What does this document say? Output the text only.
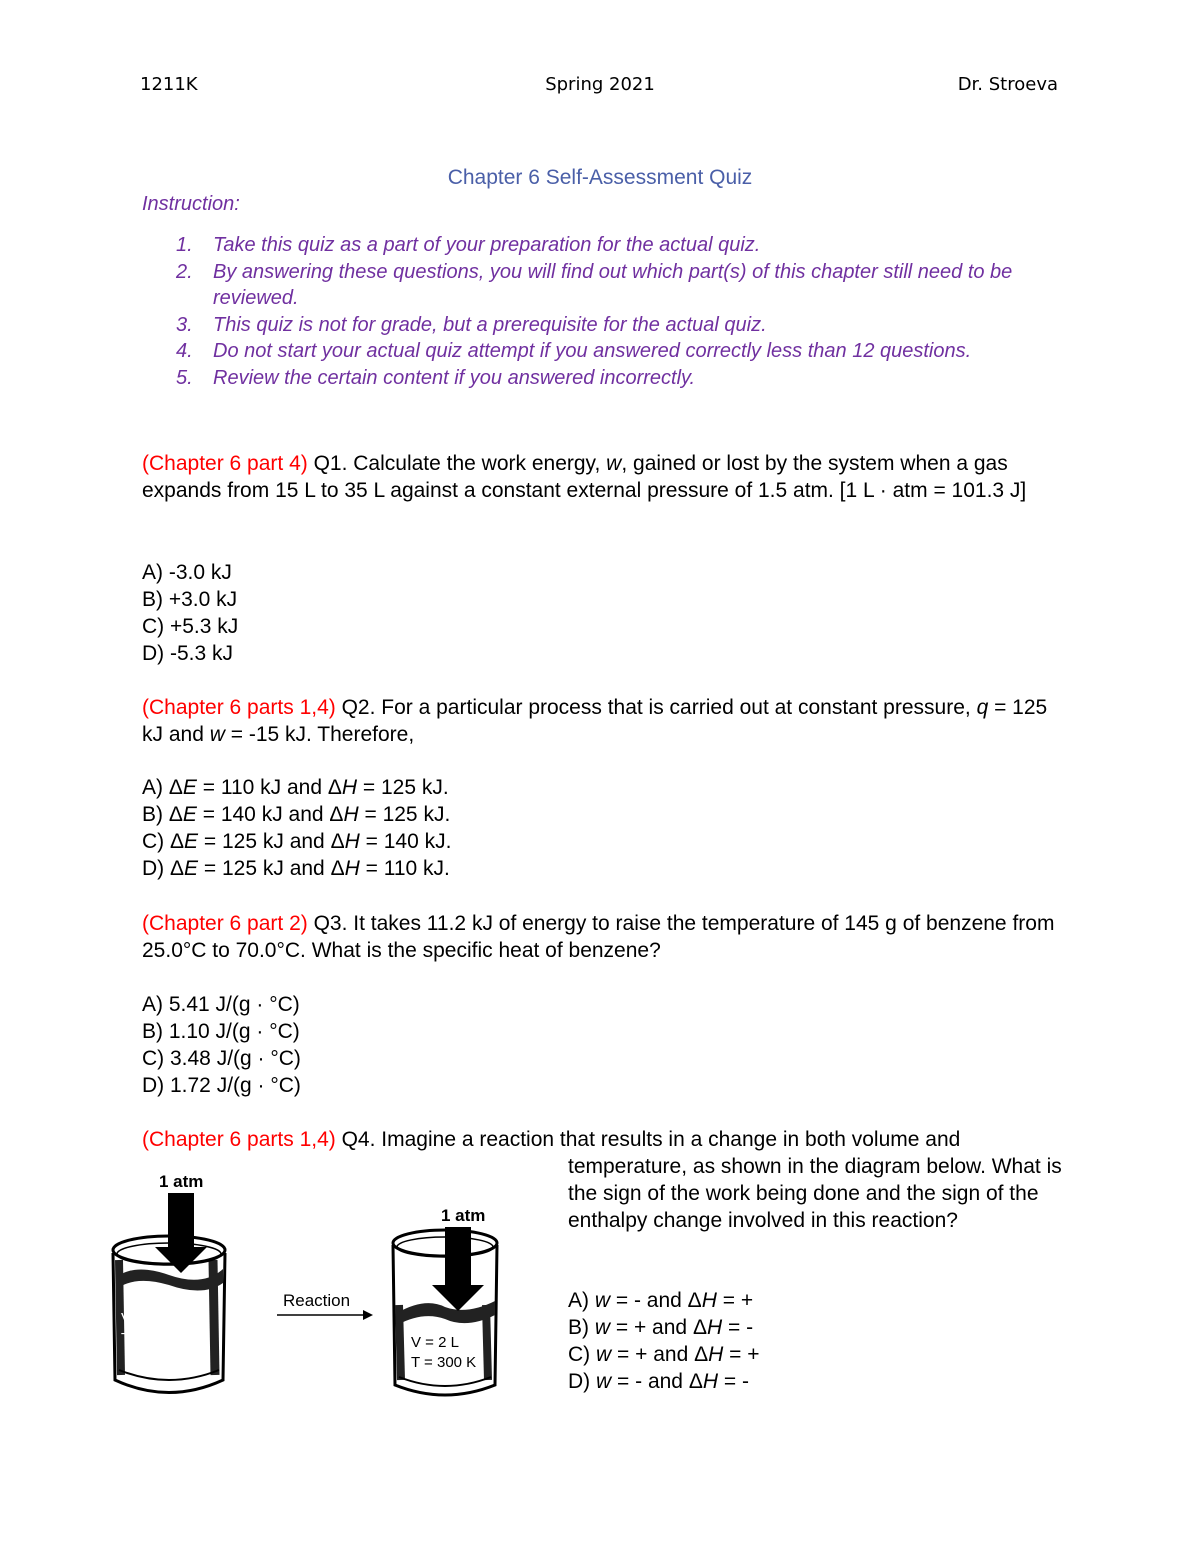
1211K	Spring 2021	Dr. Stroeva
Chapter 6 Self-Assessment Quiz
Instruction:
1. Take this quiz as a part of your preparation for the actual quiz.
2. By answering these questions, you will find out which part(s) of this chapter still need to be reviewed.
3. This quiz is not for grade, but a prerequisite for the actual quiz.
4. Do not start your actual quiz attempt if you answered correctly less than 12 questions.
5. Review the certain content if you answered incorrectly.
(Chapter 6 part 4) Q1. Calculate the work energy, w, gained or lost by the system when a gas expands from 15 L to 35 L against a constant external pressure of 1.5 atm. [1 L · atm = 101.3 J]
A) -3.0 kJ
B) +3.0 kJ
C) +5.3 kJ
D) -5.3 kJ
(Chapter 6 parts 1,4) Q2. For a particular process that is carried out at constant pressure, q = 125 kJ and w = -15 kJ. Therefore,
A) ΔE = 110 kJ and ΔH = 125 kJ.
B) ΔE = 140 kJ and ΔH = 125 kJ.
C) ΔE = 125 kJ and ΔH = 140 kJ.
D) ΔE = 125 kJ and ΔH = 110 kJ.
(Chapter 6 part 2) Q3. It takes 11.2 kJ of energy to raise the temperature of 145 g of benzene from 25.0°C to 70.0°C. What is the specific heat of benzene?
A) 5.41 J/(g · °C)
B) 1.10 J/(g · °C)
C) 3.48 J/(g · °C)
D) 1.72 J/(g · °C)
(Chapter 6 parts 1,4) Q4. Imagine a reaction that results in a change in both volume and
temperature, as shown in the diagram below. What is the sign of the work being done and the sign of the enthalpy change involved in this reaction?
A) w = - and ΔH = +
B) w = + and ΔH = -
C) w = + and ΔH = +
D) w = - and ΔH = -
1 atm
V = 3 L
T = 310 K
Reaction
1 atm
V = 2 L
T = 300 K
